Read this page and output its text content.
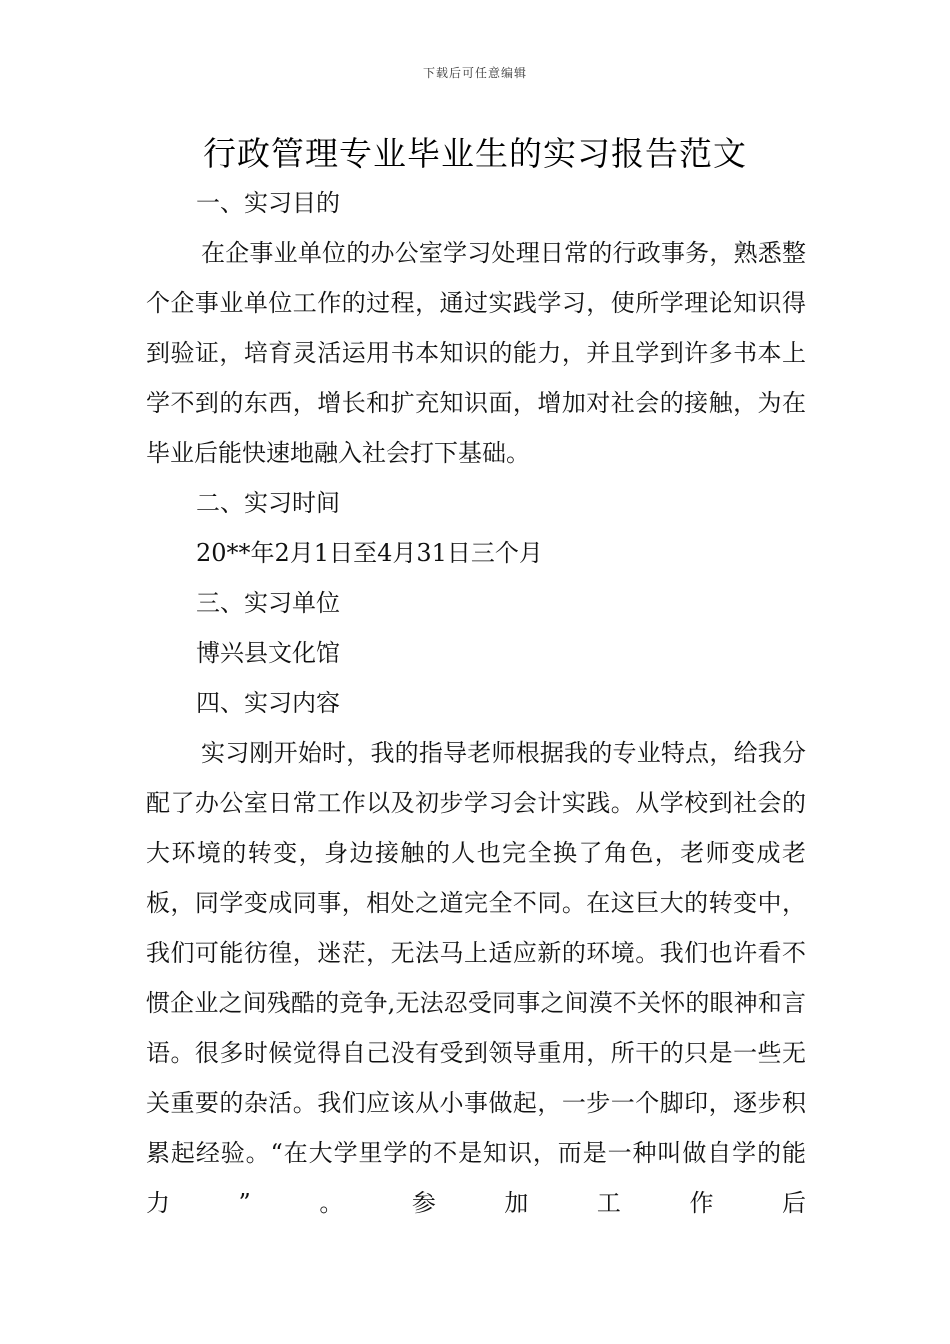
下载后可任意编辑
行政管理专业毕业生的实习报告范文

一、实习目的

在企事业单位的办公室学习处理日常的行政事务，熟悉整个企事业单位工作的过程，通过实践学习，使所学理论知识得到验证，培育灵活运用书本知识的能力，并且学到许多书本上学不到的东西，增长和扩充知识面，增加对社会的接触，为在毕业后能快速地融入社会打下基础。

二、实习时间

20**年2月1日至4月31日三个月

三、实习单位

博兴县文化馆

四、实习内容

实习刚开始时，我的指导老师根据我的专业特点，给我分配了办公室日常工作以及初步学习会计实践。从学校到社会的大环境的转变，身边接触的人也完全换了角色，老师变成老板，同学变成同事，相处之道完全不同。在这巨大的转变中，我们可能彷徨，迷茫，无法马上适应新的环境。我们也许看不惯企业之间残酷的竞争,无法忍受同事之间漠不关怀的眼神和言语。很多时候觉得自己没有受到领导重用，所干的只是一些无关重要的杂活。我们应该从小事做起，一步一个脚印，逐步积累起经验。“在大学里学的不是知识，而是一种叫做自学的能力”。参加工作后
